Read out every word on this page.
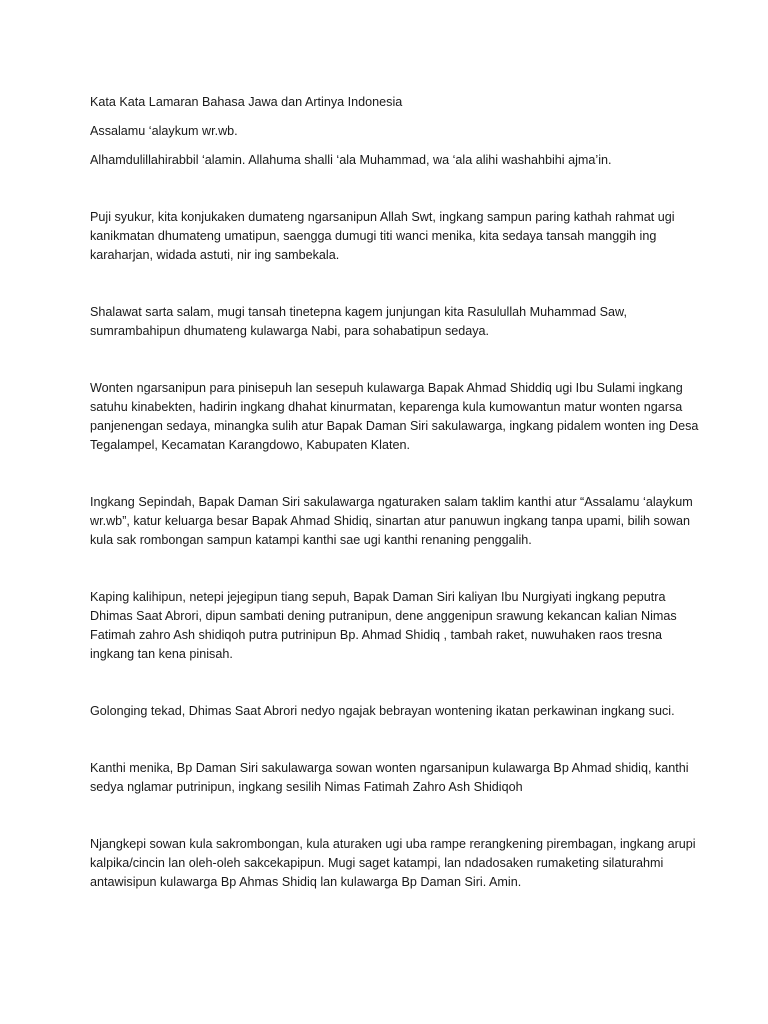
Kata Kata Lamaran Bahasa Jawa dan Artinya Indonesia

Assalamu ‘alaykum wr.wb.

Alhamdulillahirabbil ‘alamin. Allahuma shalli ‘ala Muhammad, wa ‘ala alihi washahbihi ajma’in.

Puji syukur, kita konjukaken dumateng ngarsanipun Allah Swt, ingkang sampun paring kathah rahmat ugi kanikmatan dhumateng umatipun, saengga dumugi titi wanci menika, kita sedaya tansah manggih ing karaharjan, widada astuti, nir ing sambekala.

Shalawat sarta salam, mugi tansah tinetepna kagem junjungan kita Rasulullah Muhammad Saw, sumrambahipun dhumateng kulawarga Nabi, para sohabatipun sedaya.

Wonten ngarsanipun para pinisepuh lan sesepuh kulawarga Bapak Ahmad Shiddiq ugi Ibu Sulami ingkang satuhu kinabekten, hadirin ingkang dhahat kinurmatan, keparenga kula kumowantun matur wonten ngarsa panjenengan sedaya, minangka sulih atur Bapak Daman Siri sakulawarga, ingkang pidalem wonten ing Desa Tegalampel, Kecamatan Karangdowo, Kabupaten Klaten.

Ingkang Sepindah, Bapak Daman Siri sakulawarga ngaturaken salam taklim kanthi atur “Assalamu ‘alaykum wr.wb”, katur keluarga besar Bapak Ahmad Shidiq, sinartan atur panuwun ingkang tanpa upami, bilih sowan kula sak rombongan sampun katampi kanthi sae ugi kanthi renaning penggalih.

Kaping kalihipun, netepi jejegipun tiang sepuh, Bapak Daman Siri kaliyan Ibu Nurgiyati ingkang peputra Dhimas Saat Abrori, dipun sambati dening putranipun, dene anggenipun srawung kekancan kalian Nimas Fatimah zahro Ash shidiqoh putra putrinipun Bp. Ahmad Shidiq , tambah raket, nuwuhaken raos tresna ingkang tan kena pinisah.

Golonging tekad, Dhimas Saat Abrori nedyo ngajak bebrayan wontening ikatan perkawinan ingkang suci.

Kanthi menika, Bp Daman Siri sakulawarga sowan wonten ngarsanipun kulawarga Bp Ahmad shidiq, kanthi sedya nglamar putrinipun, ingkang sesilih Nimas Fatimah Zahro Ash Shidiqoh

Njangkepi sowan kula sakrombongan, kula aturaken ugi uba rampe rerangkening pirembagan, ingkang arupi kalpika/cincin lan oleh-oleh sakcekapipun. Mugi saget katampi, lan ndadosaken rumaketing silaturahmi antawisipun kulawarga Bp Ahmas Shidiq lan kulawarga Bp Daman Siri. Amin.
